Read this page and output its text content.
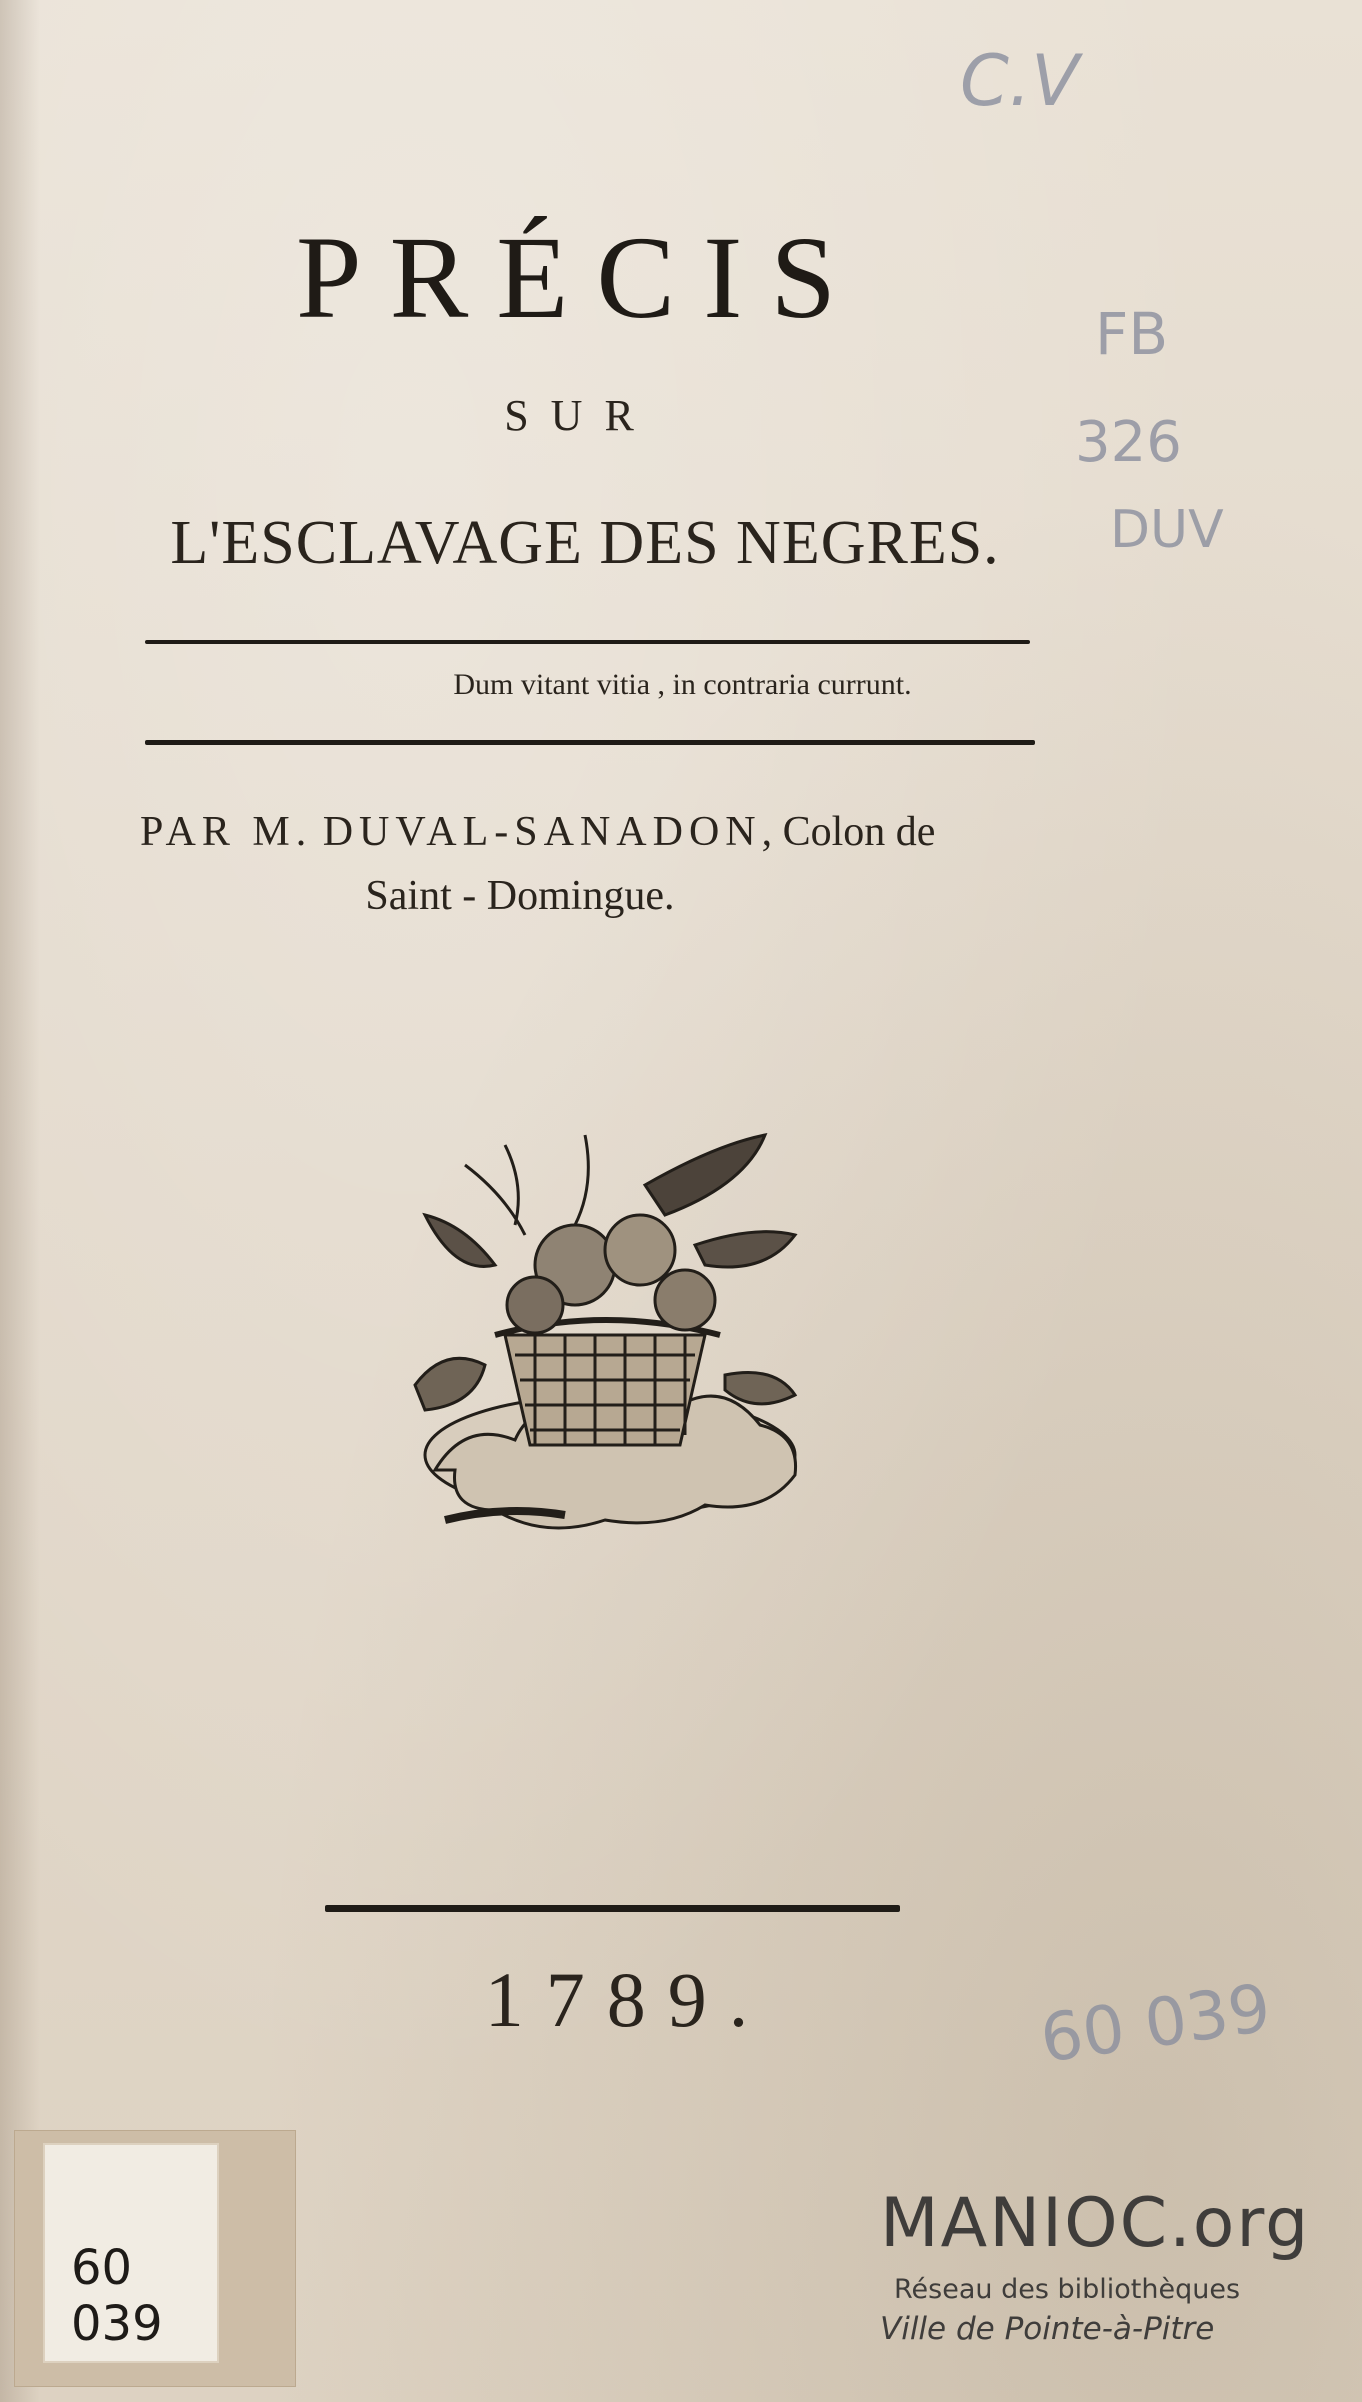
C.V
FB
326
DUV
60 039
PRÉCIS
SUR
L'ESCLAVAGE DES NEGRES.
Dum vitant vitia , in contraria currunt.
PAR M. DUVAL-SANADON, Colon de
Saint - Domingue.
1789.
60 039
MANIOC.org
Réseau des bibliothèques
Ville de Pointe-à-Pitre
